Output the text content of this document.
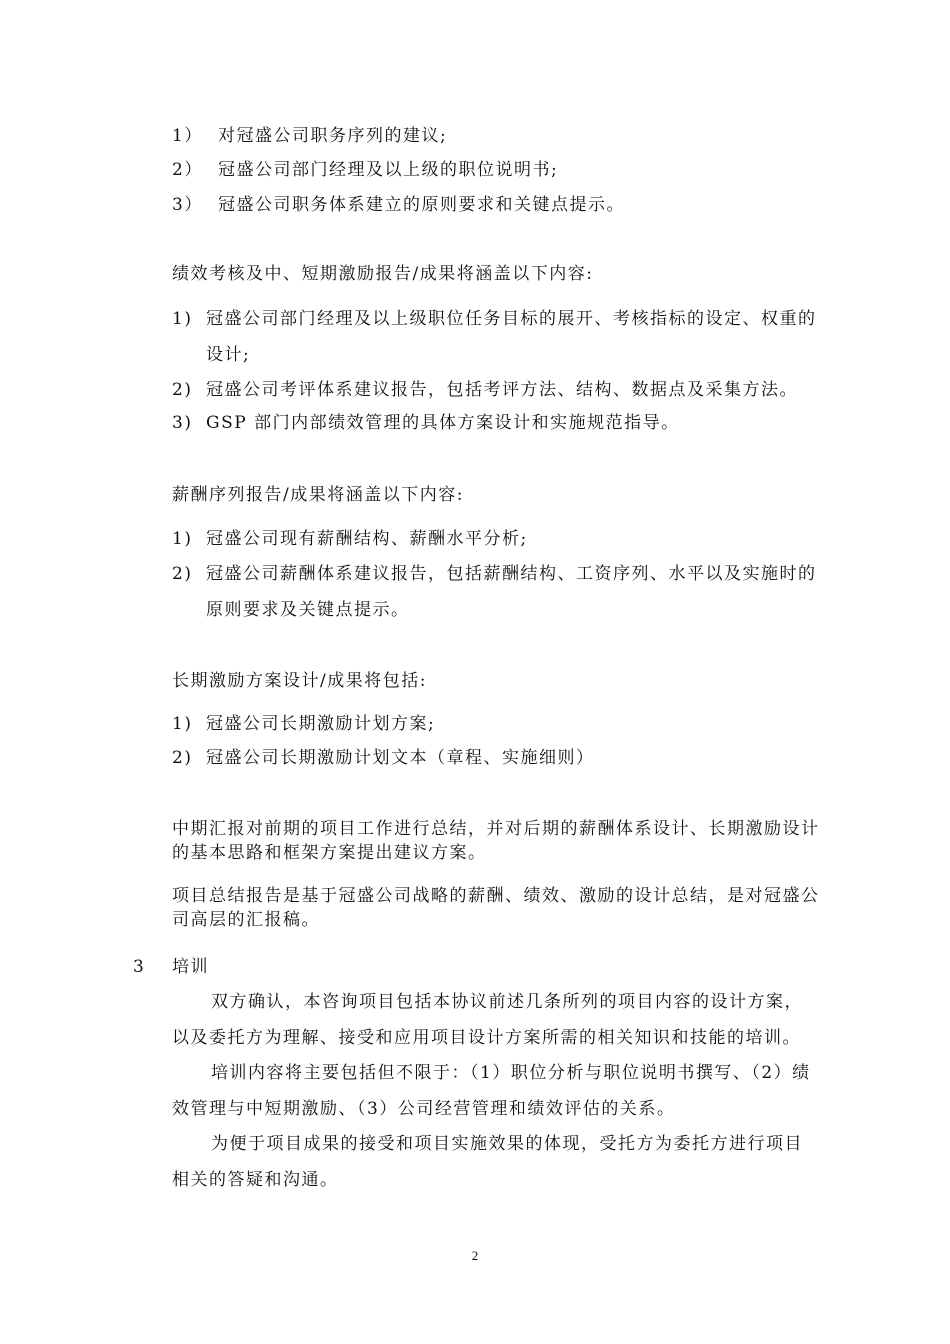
1） 对冠盛公司职务序列的建议;
2） 冠盛公司部门经理及以上级的职位说明书;
3） 冠盛公司职务体系建立的原则要求和关键点提示。
绩效考核及中、短期激励报告/成果将涵盖以下内容:
1) 冠盛公司部门经理及以上级职位任务目标的展开、考核指标的设定、权重的
设计;
2) 冠盛公司考评体系建议报告，包括考评方法、结构、数据点及采集方法。
3) GSP 部门内部绩效管理的具体方案设计和实施规范指导。
薪酬序列报告/成果将涵盖以下内容:
1) 冠盛公司现有薪酬结构、薪酬水平分析;
2) 冠盛公司薪酬体系建议报告，包括薪酬结构、工资序列、水平以及实施时的
原则要求及关键点提示。
长期激励方案设计/成果将包括:
1) 冠盛公司长期激励计划方案;
2) 冠盛公司长期激励计划文本（章程、实施细则）
中期汇报对前期的项目工作进行总结，并对后期的薪酬体系设计、长期激励设计
的基本思路和框架方案提出建议方案。
项目总结报告是基于冠盛公司战略的薪酬、绩效、激励的设计总结，是对冠盛公
司高层的汇报稿。
3 培训
双方确认，本咨询项目包括本协议前述几条所列的项目内容的设计方案，
以及委托方为理解、接受和应用项目设计方案所需的相关知识和技能的培训。
培训内容将主要包括但不限于：（1）职位分析与职位说明书撰写、（2）绩
效管理与中短期激励、（3）公司经营管理和绩效评估的关系。
为便于项目成果的接受和项目实施效果的体现，受托方为委托方进行项目
相关的答疑和沟通。
2
